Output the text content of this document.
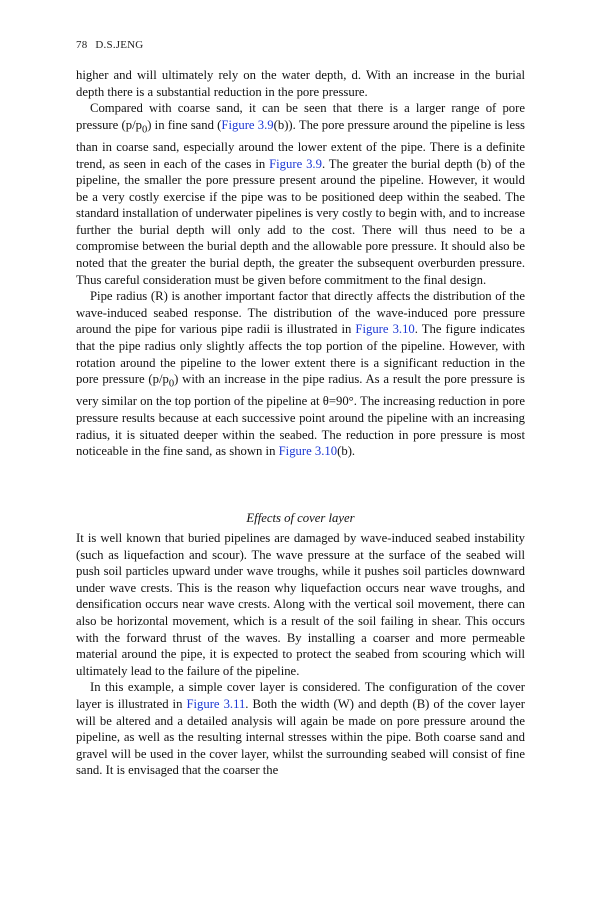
78 D.S.JENG

higher and will ultimately rely on the water depth, d. With an increase in the burial depth there is a substantial reduction in the pore pressure.

Compared with coarse sand, it can be seen that there is a larger range of pore pressure $(p/p_0)$ in fine sand (Figure 3.9(b)). The pore pressure around the pipeline is less than in coarse sand, especially around the lower extent of the pipe. There is a definite trend, as seen in each of the cases in Figure 3.9. The greater the burial depth (b) of the pipeline, the smaller the pore pressure present around the pipeline. However, it would be a very costly exercise if the pipe was to be positioned deep within the seabed. The standard installation of underwater pipelines is very costly to begin with, and to increase further the burial depth will only add to the cost. There will thus need to be a compromise between the burial depth and the allowable pore pressure. It should also be noted that the greater the burial depth, the greater the subsequent overburden pressure. Thus careful consideration must be given before commitment to the final design.

Pipe radius (R) is another important factor that directly affects the distribution of the wave-induced seabed response. The distribution of the wave-induced pore pressure around the pipe for various pipe radii is illustrated in Figure 3.10. The figure indicates that the pipe radius only slightly affects the top portion of the pipeline. However, with rotation around the pipeline to the lower extent there is a significant reduction in the pore pressure $(p/p_0)$ with an increase in the pipe radius. As a result the pore pressure is very similar on the top portion of the pipeline at θ=90°. The increasing reduction in pore pressure results because at each successive point around the pipeline with an increasing radius, it is situated deeper within the seabed. The reduction in pore pressure is most noticeable in the fine sand, as shown in Figure 3.10(b).

Effects of cover layer

It is well known that buried pipelines are damaged by wave-induced seabed instability (such as liquefaction and scour). The wave pressure at the surface of the seabed will push soil particles upward under wave troughs, while it pushes soil particles downward under wave crests. This is the reason why liquefaction occurs near wave troughs, and densification occurs near wave crests. Along with the vertical soil movement, there can also be horizontal movement, which is a result of the soil failing in shear. This occurs with the forward thrust of the waves. By installing a coarser and more permeable material around the pipe, it is expected to protect the seabed from scouring which will ultimately lead to the failure of the pipeline.

In this example, a simple cover layer is considered. The configuration of the cover layer is illustrated in Figure 3.11. Both the width (W) and depth (B) of the cover layer will be altered and a detailed analysis will again be made on pore pressure around the pipeline, as well as the resulting internal stresses within the pipe. Both coarse sand and gravel will be used in the cover layer, whilst the surrounding seabed will consist of fine sand. It is envisaged that the coarser the
